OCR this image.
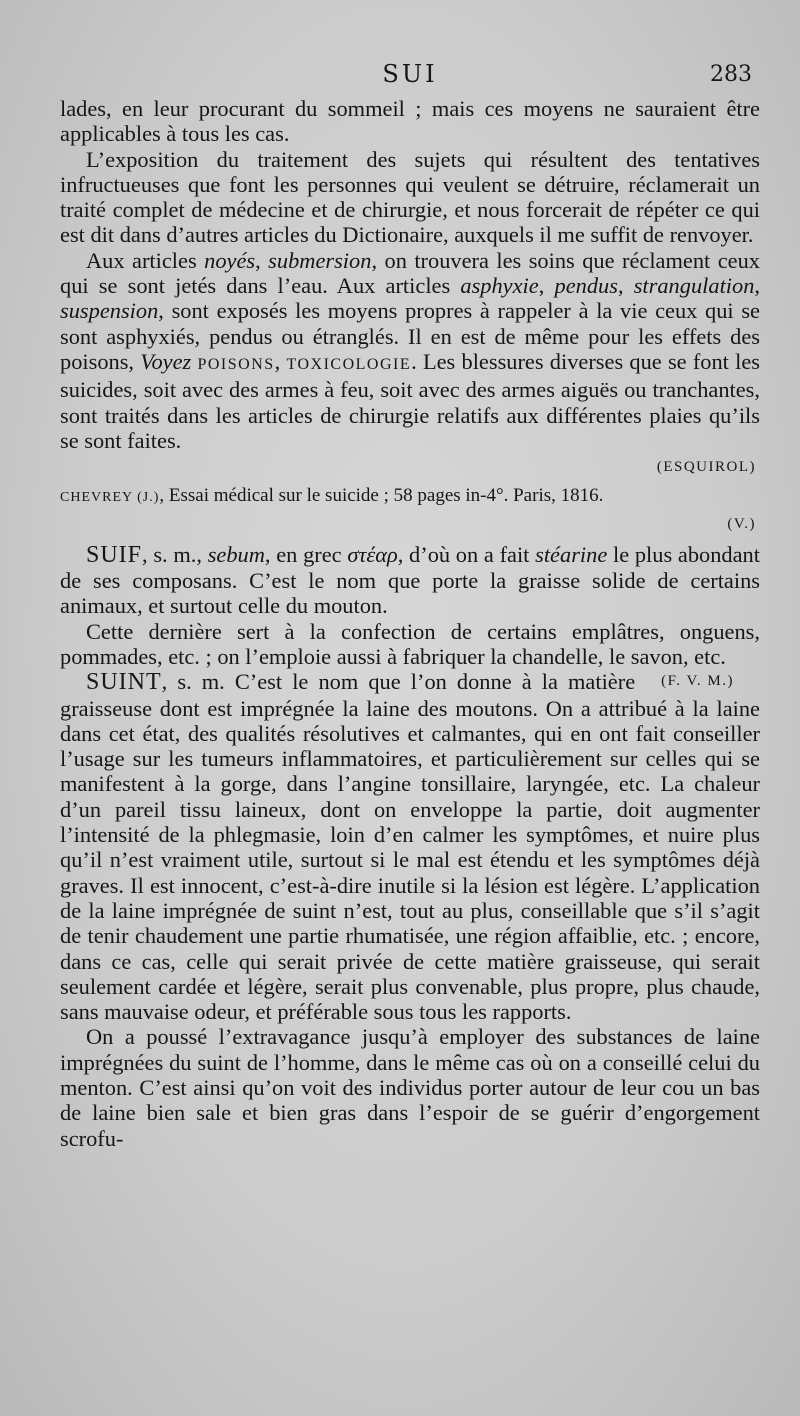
SUI	283

lades, en leur procurant du sommeil ; mais ces moyens ne sauraient être applicables à tous les cas.

L’exposition du traitement des sujets qui résultent des tentatives infructueuses que font les personnes qui veulent se détruire, réclamerait un traité complet de médecine et de chirurgie, et nous forcerait de répéter ce qui est dit dans d’autres articles du Dictionaire, auxquels il me suffit de renvoyer.

Aux articles noyés, submersion, on trouvera les soins que réclament ceux qui se sont jetés dans l’eau. Aux articles asphyxie, pendus, strangulation, suspension, sont exposés les moyens propres à rappeler à la vie ceux qui se sont asphyxiés, pendus ou étranglés. Il en est de même pour les effets des poisons, Voyez POISONS, TOXICOLOGIE. Les blessures diverses que se font les suicides, soit avec des armes à feu, soit avec des armes aiguës ou tranchantes, sont traités dans les articles de chirurgie relatifs aux différentes plaies qu’ils se sont faites.

(ESQUIROL)

CHEVREY (J.), Essai médical sur le suicide ; 58 pages in-4°. Paris, 1816.

(V.)

SUIF, s. m., sebum, en grec στέαρ, d’où on a fait stéarine le plus abondant de ses composans. C’est le nom que porte la graisse solide de certains animaux, et surtout celle du mouton.

Cette dernière sert à la confection de certains emplâtres, onguens, pommades, etc. ; on l’emploie aussi à fabriquer la chandelle, le savon, etc.
(F. V. M.)

SUINT, s. m. C’est le nom que l’on donne à la matière graisseuse dont est imprégnée la laine des moutons. On a attribué à la laine dans cet état, des qualités résolutives et calmantes, qui en ont fait conseiller l’usage sur les tumeurs inflammatoires, et particulièrement sur celles qui se manifestent à la gorge, dans l’angine tonsillaire, laryngée, etc. La chaleur d’un pareil tissu laineux, dont on enveloppe la partie, doit augmenter l’intensité de la phlegmasie, loin d’en calmer les symptômes, et nuire plus qu’il n’est vraiment utile, surtout si le mal est étendu et les symptômes déjà graves. Il est innocent, c’est-à-dire inutile si la lésion est légère. L’application de la laine imprégnée de suint n’est, tout au plus, conseillable que s’il s’agit de tenir chaudement une partie rhumatisée, une région affaiblie, etc. ; encore, dans ce cas, celle qui serait privée de cette matière graisseuse, qui serait seulement cardée et légère, serait plus convenable, plus propre, plus chaude, sans mauvaise odeur, et préférable sous tous les rapports.

On a poussé l’extravagance jusqu’à employer des substances de laine imprégnées du suint de l’homme, dans le même cas où on a conseillé celui du menton. C’est ainsi qu’on voit des individus porter autour de leur cou un bas de laine bien sale et bien gras dans l’espoir de se guérir d’engorgement scrofu-
